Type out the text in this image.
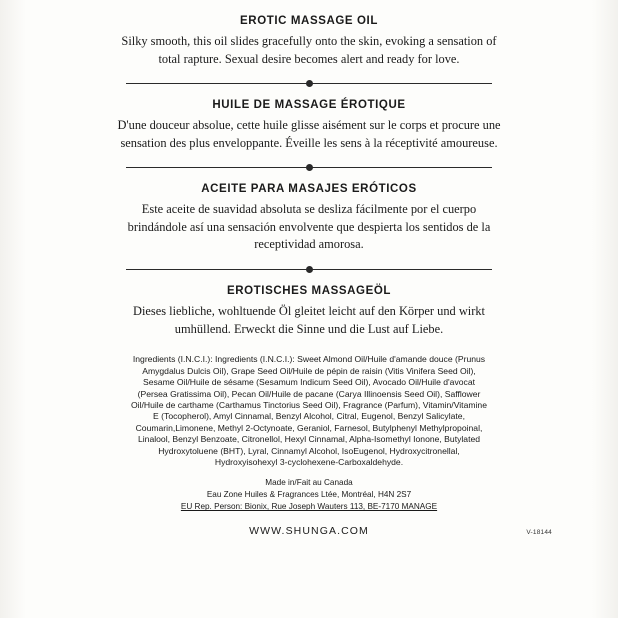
EROTIC MASSAGE OIL

Silky smooth, this oil slides gracefully onto the skin, evoking a sensation of total rapture. Sexual desire becomes alert and ready for love.

HUILE DE MASSAGE ÉROTIQUE

D'une douceur absolue, cette huile glisse aisément sur le corps et procure une sensation des plus enveloppante. Éveille les sens à la réceptivité amoureuse.

ACEITE PARA MASAJES ERÓTICOS

Este aceite de suavidad absoluta se desliza fácilmente por el cuerpo brindándole así una sensación envolvente que despierta los sentidos de la receptividad amorosa.

EROTISCHES MASSAGEÖL

Dieses liebliche, wohltuende Öl gleitet leicht auf den Körper und wirkt umhüllend. Erweckt die Sinne und die Lust auf Liebe.

Ingredients (I.N.C.I.): Ingredients (I.N.C.I.): Sweet Almond Oil/Huile d'amande douce (Prunus Amygdalus Dulcis Oil), Grape Seed Oil/Huile de pépin de raisin (Vitis Vinifera Seed Oil), Sesame Oil/Huile de sésame (Sesamum Indicum Seed Oil), Avocado Oil/Huile d'avocat (Persea Gratissima Oil), Pecan Oil/Huile de pacane (Carya Illinoensis Seed Oil), Safflower Oil/Huile de carthame (Carthamus Tinctorius Seed Oil), Fragrance (Parfum), Vitamin/Vitamine E (Tocopherol), Amyl Cinnamal, Benzyl Alcohol, Citral, Eugenol, Benzyl Salicylate, Coumarin,Limonene, Methyl 2-Octynoate, Geraniol, Farnesol, Butylphenyl Methylpropoinal, Linalool, Benzyl Benzoate, Citronellol, Hexyl Cinnamal, Alpha-Isomethyl Ionone, Butylated Hydroxytoluene (BHT), Lyral, Cinnamyl Alcohol, IsoEugenol, Hydroxycitronellal, Hydroxyisohexyl 3-cyclohexene-Carboxaldehyde.
Made in/Fait au Canada
Eau Zone Huiles & Fragrances Ltée, Montréal, H4N 2S7
EU Rep. Person: Bionix, Rue Joseph Wauters 113, BE-7170 MANAGE
WWW.SHUNGA.COM	V-18144
